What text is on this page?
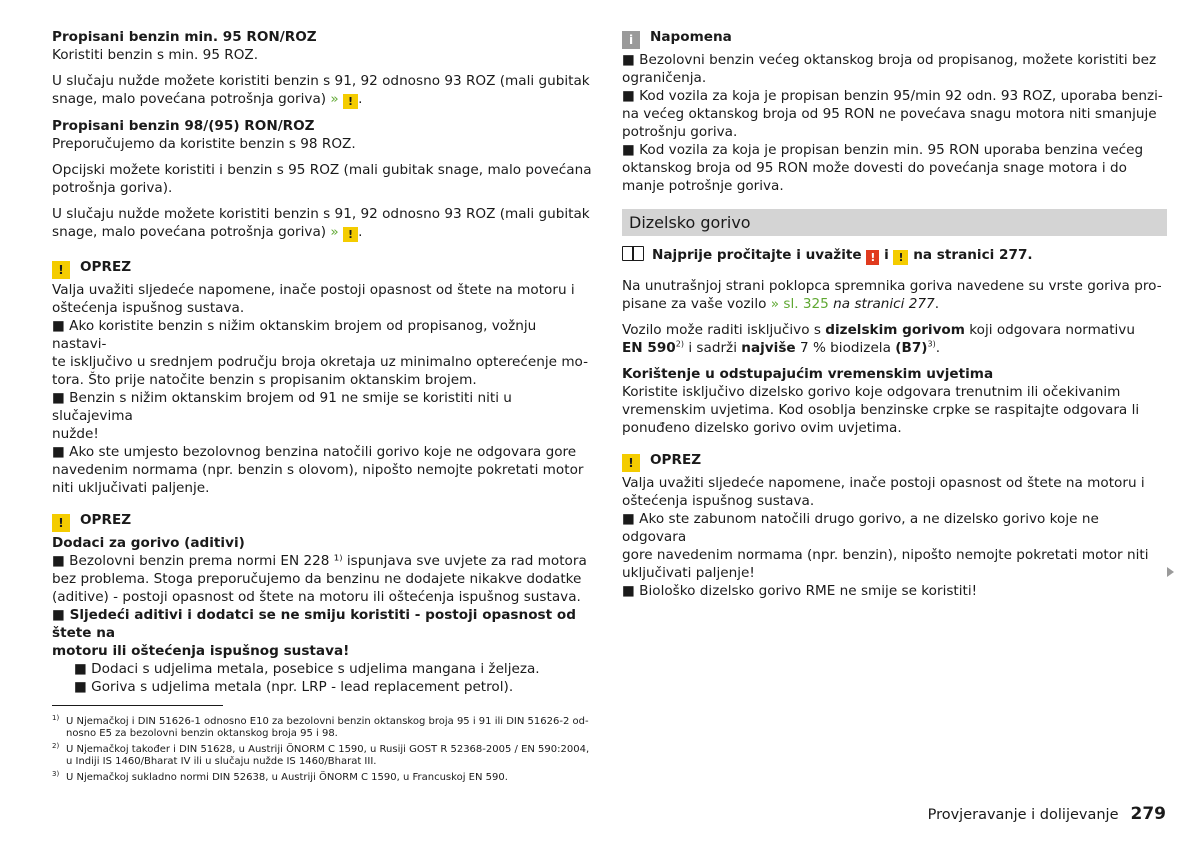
Propisani benzin min. 95 RON/ROZ

Koristiti benzin s min. 95 ROZ.

U slučaju nužde možete koristiti benzin s 91, 92 odnosno 93 ROZ (mali gubitak
snage, malo povećana potrošnja goriva) » ! .

Propisani benzin 98/(95) RON/ROZ

Preporučujemo da koristite benzin s 98 ROZ.

Opcijski možete koristiti i benzin s 95 ROZ (mali gubitak snage, malo povećana
potrošnja goriva).

U slučaju nužde možete koristiti benzin s 91, 92 odnosno 93 ROZ (mali gubitak
snage, malo povećana potrošnja goriva) » ! .

! OPREZ
Valja uvažiti sljedeće napomene, inače postoji opasnost od štete na motoru i
oštećenja ispušnog sustava.
■ Ako koristite benzin s nižim oktanskim brojem od propisanog, vožnju nastavi-
te isključivo u srednjem području broja okretaja uz minimalno opterećenje mo-
tora. Što prije natočite benzin s propisanim oktanskim brojem.
■ Benzin s nižim oktanskim brojem od 91 ne smije se koristiti niti u slučajevima
nužde!
■ Ako ste umjesto bezolovnog benzina natočili gorivo koje ne odgovara gore
navedenim normama (npr. benzin s olovom), nipošto nemojte pokretati motor
niti uključivati paljenje.
! OPREZ
Dodaci za gorivo (aditivi)
■ Bezolovni benzin prema normi EN 228 ¹⁾ ispunjava sve uvjete za rad motora
bez problema. Stoga preporučujemo da benzinu ne dodajete nikakve dodatke
(aditive) - postoji opasnost od štete na motoru ili oštećenja ispušnog sustava.
■ Sljedeći aditivi i dodatci se ne smiju koristiti - postoji opasnost od štete na
motoru ili oštećenja ispušnog sustava!
■ Dodaci s udjelima metala, posebice s udjelima mangana i željeza.
■ Goriva s udjelima metala (npr. LRP - lead replacement petrol).
i Napomena
■ Bezolovni benzin većeg oktanskog broja od propisanog, možete koristiti bez
ograničenja.
■ Kod vozila za koja je propisan benzin 95/min 92 odn. 93 ROZ, uporaba benzi-
na većeg oktanskog broja od 95 RON ne povećava snagu motora niti smanjuje
potrošnju goriva.
■ Kod vozila za koja je propisan benzin min. 95 RON uporaba benzina većeg
oktanskog broja od 95 RON može dovesti do povećanja snage motora i do
manje potrošnje goriva.
Dizelsko gorivo

Najprije pročitajte i uvažite ! i ! na stranici 277.

Na unutrašnjoj strani poklopca spremnika goriva navedene su vrste goriva pro-
pisane za vaše vozilo » sl. 325 na stranici 277.

Vozilo može raditi isključivo s dizelskim gorivom koji odgovara normativu
EN 590$^{2)}$ i sadrži najviše 7 % biodizela $(B7)^{3)}$.

Korištenje u odstupajućim vremenskim uvjetima
Koristite isključivo dizelsko gorivo koje odgovara trenutnim ili očekivanim
vremenskim uvjetima. Kod osoblja benzinske crpke se raspitajte odgovara li
ponuđeno dizelsko gorivo ovim uvjetima.
! OPREZ
Valja uvažiti sljedeće napomene, inače postoji opasnost od štete na motoru i
oštećenja ispušnog sustava.
■ Ako ste zabunom natočili drugo gorivo, a ne dizelsko gorivo koje ne odgovara
gore navedenim normama (npr. benzin), nipošto nemojte pokretati motor niti
uključivati paljenje!
■ Biološko dizelsko gorivo RME ne smije se koristiti!
1) U Njemačkoj i DIN 51626-1 odnosno E10 za bezolovni benzin oktanskog broja 95 i 91 ili DIN 51626-2 od-nosno E5 za bezolovni benzin oktanskog broja 95 i 98.
2) U Njemačkoj također i DIN 51628, u Austriji ÖNORM C 1590, u Rusiji GOST R 52368-2005 / EN 590:2004, u Indiji IS 1460/Bharat IV ili u slučaju nužde IS 1460/Bharat III.
3) U Njemačkoj sukladno normi DIN 52638, u Austriji ÖNORM C 1590, u Francuskoj EN 590.
Provjeravanje i dolijevanje 279
